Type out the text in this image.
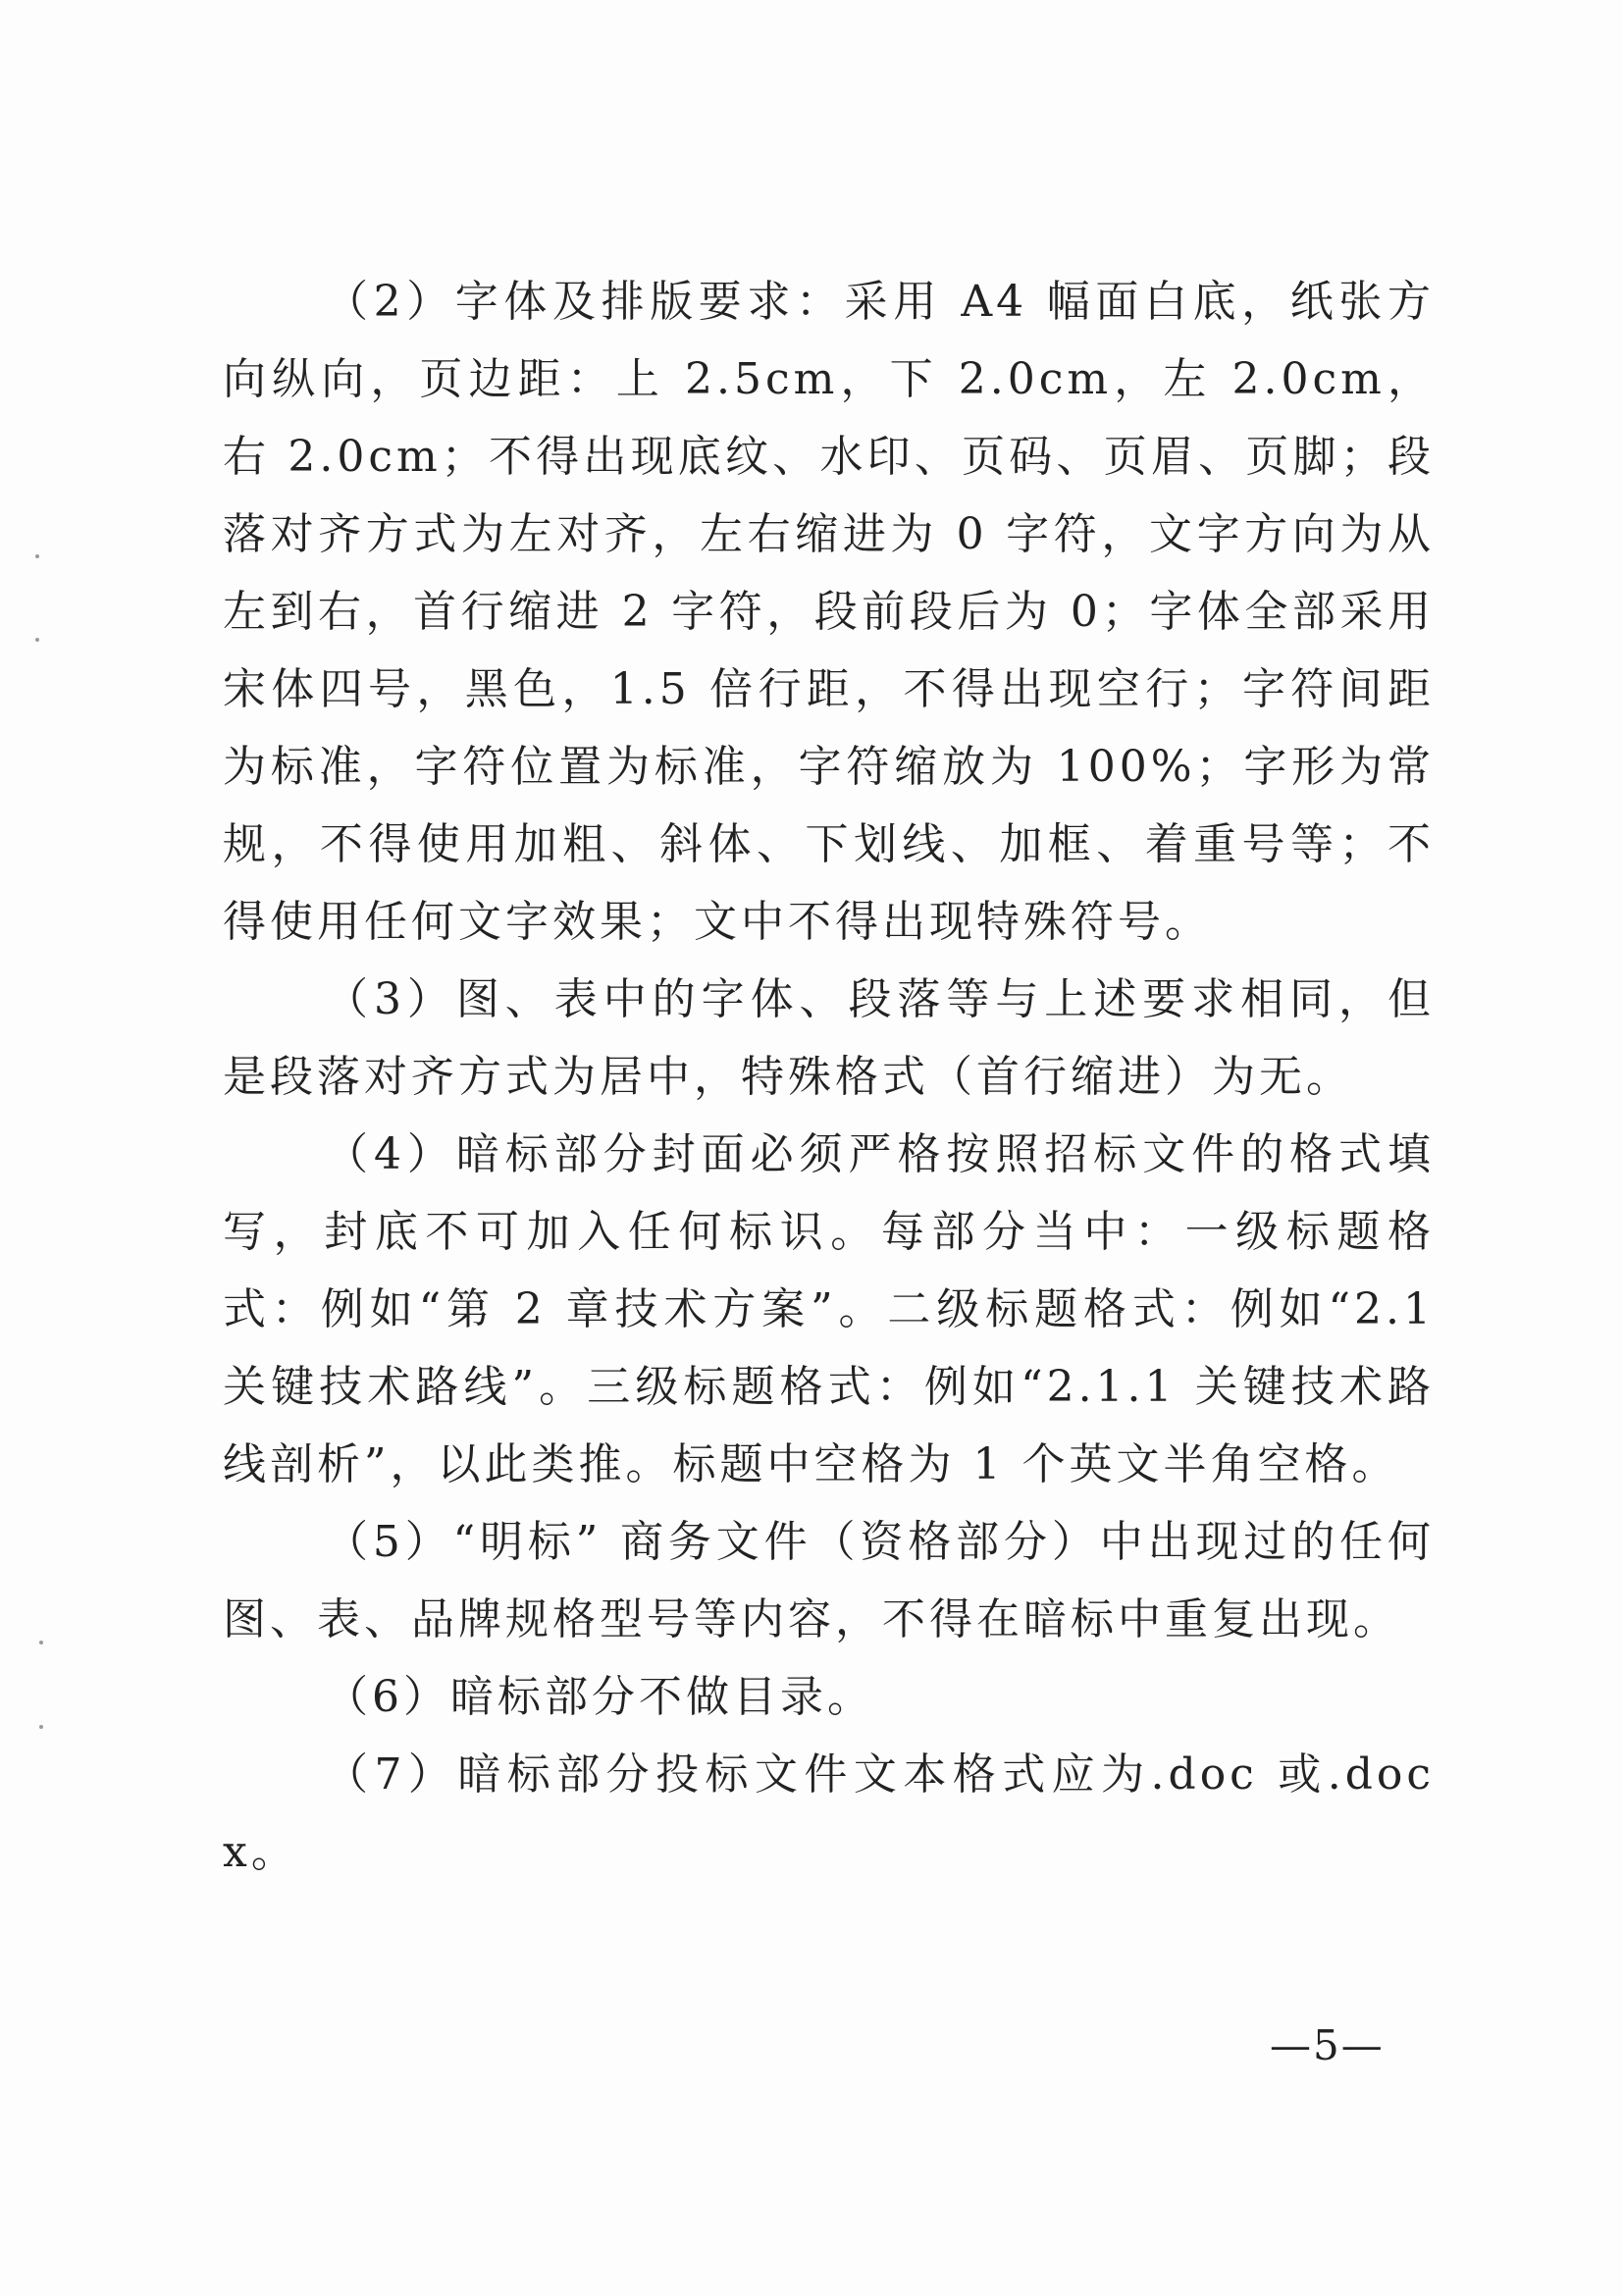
（2）字体及排版要求：采用 A4 幅面白底，纸张方向纵向，页边距：上 2.5cm，下 2.0cm，左 2.0cm，右 2.0cm；不得出现底纹、水印、页码、页眉、页脚；段落对齐方式为左对齐，左右缩进为 0 字符，文字方向为从左到右，首行缩进 2 字符，段前段后为 0；字体全部采用宋体四号，黑色，1.5 倍行距，不得出现空行；字符间距为标准，字符位置为标准，字符缩放为 100%；字形为常规，不得使用加粗、斜体、下划线、加框、着重号等；不得使用任何文字效果；文中不得出现特殊符号。

（3）图、表中的字体、段落等与上述要求相同，但是段落对齐方式为居中，特殊格式（首行缩进）为无。

（4）暗标部分封面必须严格按照招标文件的格式填写，封底不可加入任何标识。每部分当中：一级标题格式：例如“第 2 章技术方案”。二级标题格式：例如“2.1 关键技术路线”。三级标题格式：例如“2.1.1 关键技术路线剖析”，以此类推。标题中空格为 1 个英文半角空格。

（5）“明标” 商务文件（资格部分）中出现过的任何图、表、品牌规格型号等内容，不得在暗标中重复出现。

（6）暗标部分不做目录。

（7）暗标部分投标文件文本格式应为.doc 或.docx。

—5—
